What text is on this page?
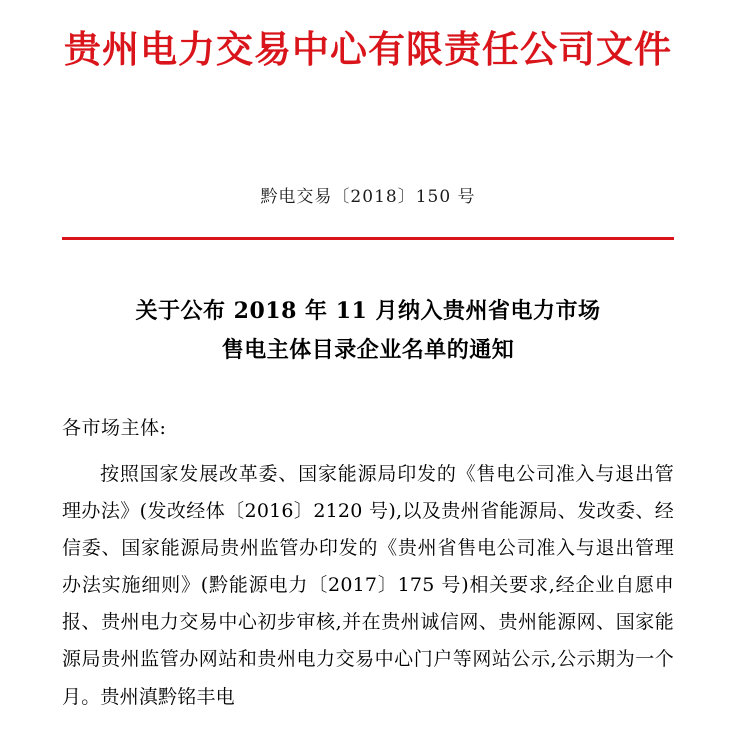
贵州电力交易中心有限责任公司文件
黔电交易〔2018〕150 号
关于公布 2018 年 11 月纳入贵州省电力市场
售电主体目录企业名单的通知
各市场主体:
按照国家发展改革委、国家能源局印发的《售电公司准入与退出管理办法》(发改经体〔2016〕2120 号),以及贵州省能源局、发改委、经信委、国家能源局贵州监管办印发的《贵州省售电公司准入与退出管理办法实施细则》(黔能源电力〔2017〕175 号)相关要求,经企业自愿申报、贵州电力交易中心初步审核,并在贵州诚信网、贵州能源网、国家能源局贵州监管办网站和贵州电力交易中心门户等网站公示,公示期为一个月。贵州滇黔铭丰电
